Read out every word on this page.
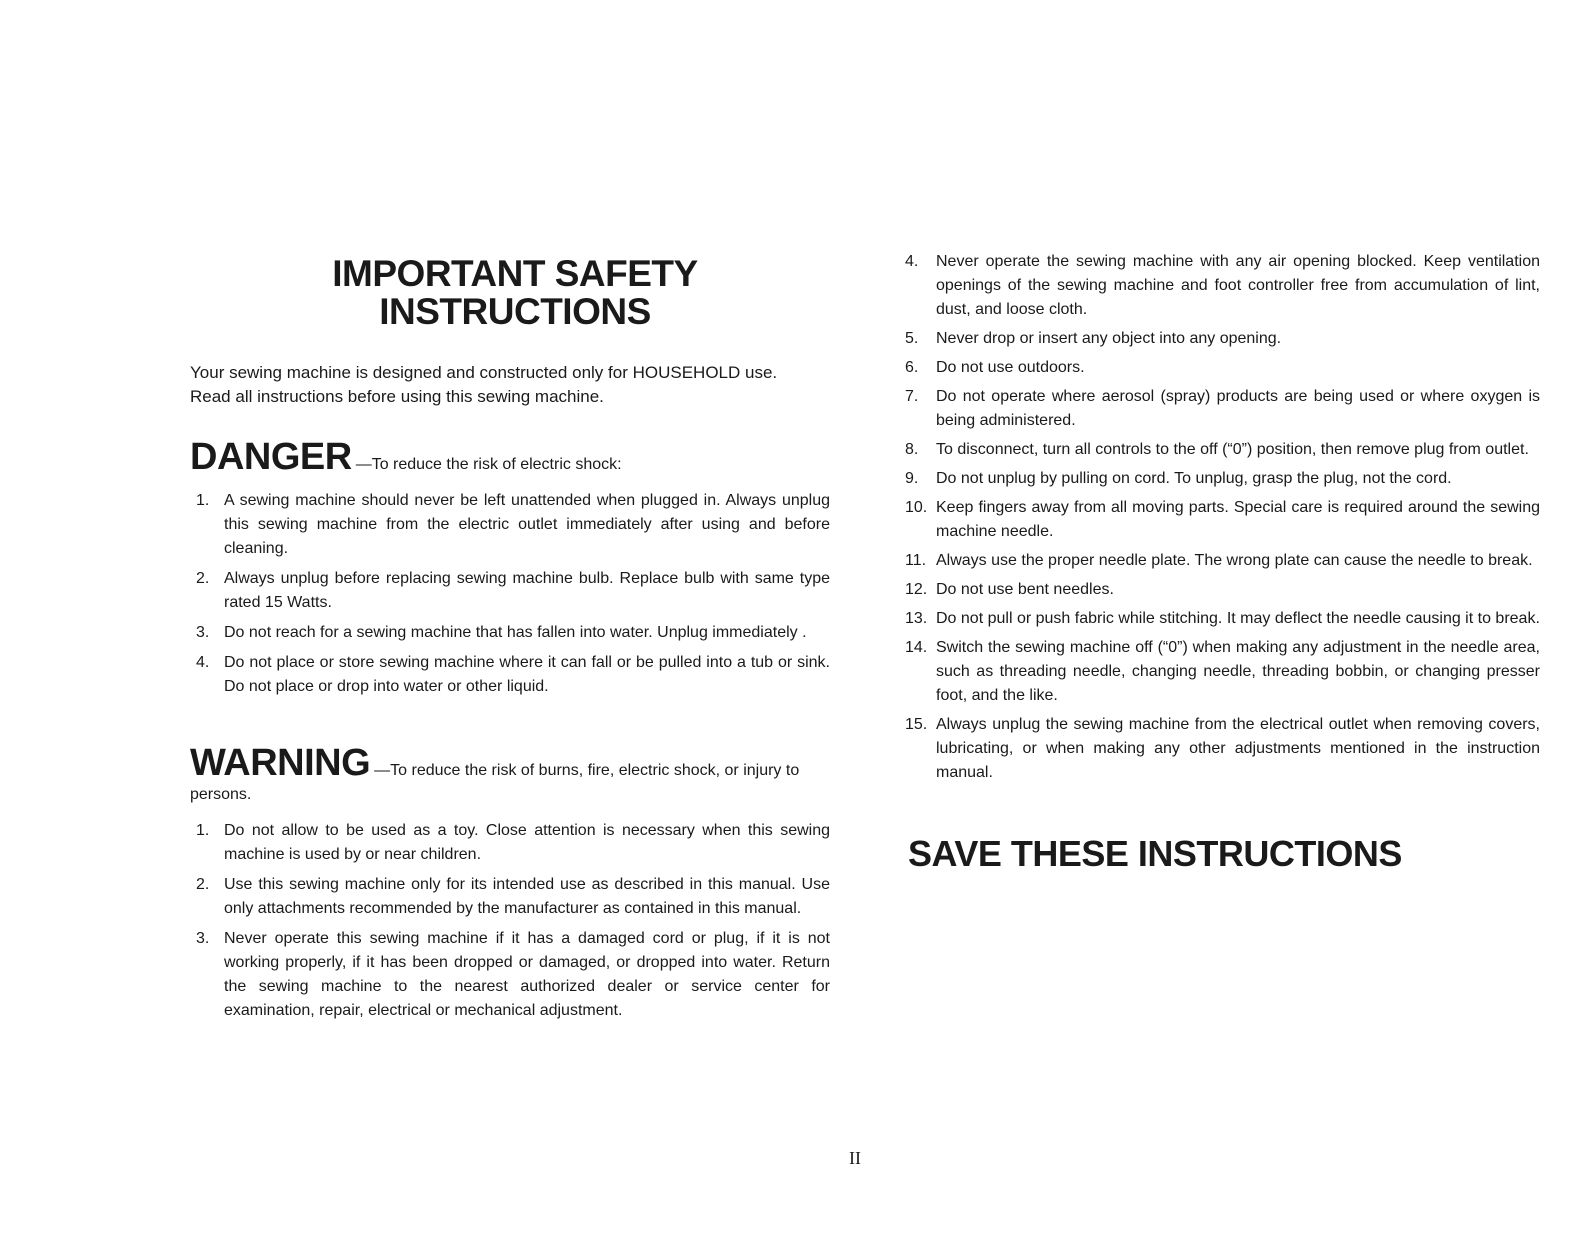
IMPORTANT SAFETY
INSTRUCTIONS

Your sewing machine is designed and constructed only for HOUSEHOLD use.
Read all instructions before using this sewing machine.

DANGER —To reduce the risk of electric shock:

1. A sewing machine should never be left unattended when plugged in. Always unplug this sewing machine from the electric outlet immediately after using and before cleaning.
2. Always unplug before replacing sewing machine bulb. Replace bulb with same type rated 15 Watts.
3. Do not reach for a sewing machine that has fallen into water. Unplug immediately .
4. Do not place or store sewing machine where it can fall or be pulled into a tub or sink. Do not place or drop into water or other liquid.

WARNING —To reduce the risk of burns, fire, electric shock, or injury to persons.

1. Do not allow to be used as a toy. Close attention is necessary when this sewing machine is used by or near children.
2. Use this sewing machine only for its intended use as described in this manual. Use only attachments recommended by the manufacturer as contained in this manual.
3. Never operate this sewing machine if it has a damaged cord or plug, if it is not working properly, if it has been dropped or damaged, or dropped into water. Return the sewing machine to the nearest authorized dealer or service center for examination, repair, electrical or mechanical adjustment.
4. Never operate the sewing machine with any air opening blocked. Keep ventilation openings of the sewing machine and foot controller free from accumulation of lint, dust, and loose cloth.
5. Never drop or insert any object into any opening.
6. Do not use outdoors.
7. Do not operate where aerosol (spray) products are being used or where oxygen is being administered.
8. To disconnect, turn all controls to the off (“0”) position, then remove plug from outlet.
9. Do not unplug by pulling on cord. To unplug, grasp the plug, not the cord.
10. Keep fingers away from all moving parts. Special care is required around the sewing machine needle.
11. Always use the proper needle plate. The wrong plate can cause the needle to break.
12. Do not use bent needles.
13. Do not pull or push fabric while stitching. It may deflect the needle causing it to break.
14. Switch the sewing machine off (“0”) when making any adjustment in the needle area, such as threading needle, changing needle, threading bobbin, or changing presser foot, and the like.
15. Always unplug the sewing machine from the electrical outlet when removing covers, lubricating, or when making any other adjustments mentioned in the instruction manual.
SAVE THESE INSTRUCTIONS
II
